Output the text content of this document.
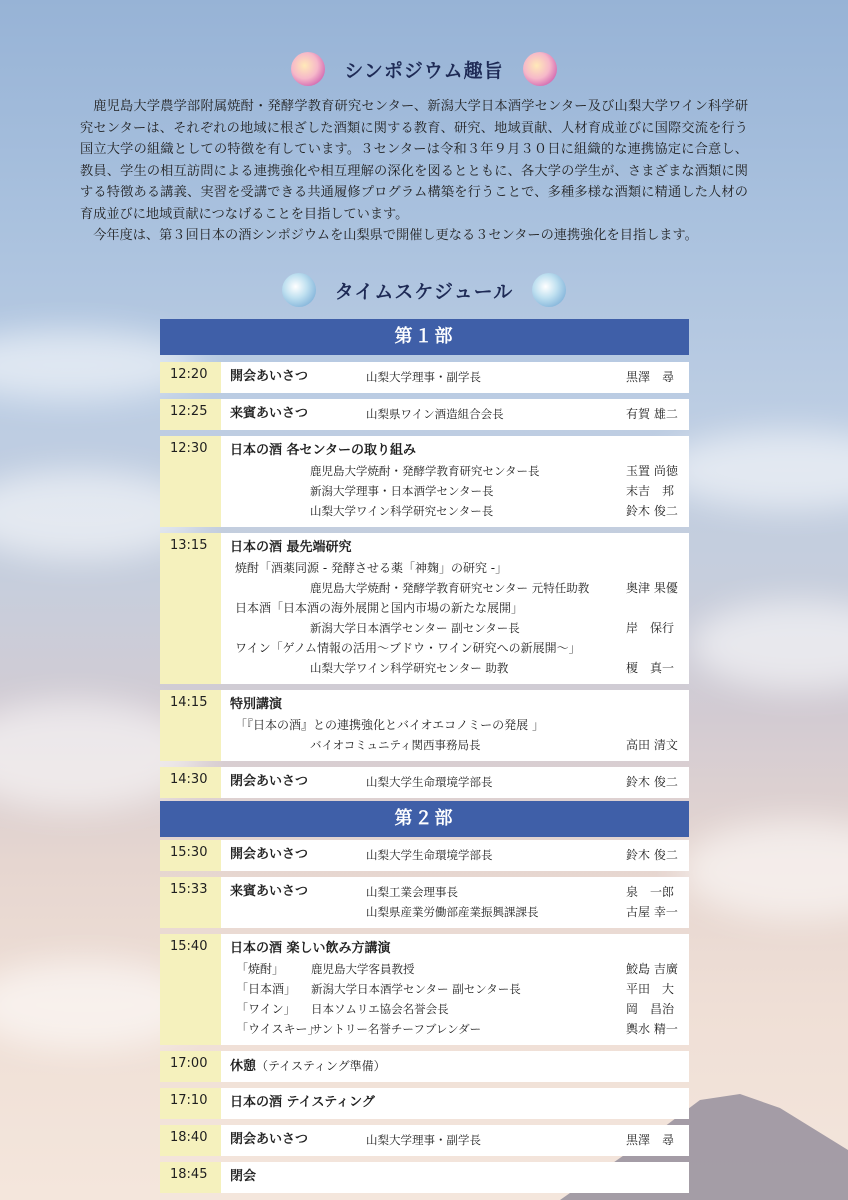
シンポジウム趣旨

鹿児島大学農学部附属焼酎・発酵学教育研究センター、新潟大学日本酒学センター及び山梨大学ワイン科学研究センターは、それぞれの地域に根ざした酒類に関する教育、研究、地域貢献、人材育成並びに国際交流を行う国立大学の組織としての特徴を有しています。３センターは令和３年９月３０日に組織的な連携協定に合意し、教員、学生の相互訪問による連携強化や相互理解の深化を図るとともに、各大学の学生が、さまざまな酒類に関する特徴ある講義、実習を受講できる共通履修プログラム構築を行うことで、多種多様な酒類に精通した人材の育成並びに地域貢献につなげることを目指しています。

今年度は、第３回日本の酒シンポジウムを山梨県で開催し更なる３センターの連携強化を目指します。

タイムスケジュール
第１部
12:20	開会あいさつ	山梨大学理事・副学長	黒澤　尋
12:25	来賓あいさつ	山梨県ワイン酒造組合会長	有賀 雄二
12:30	日本の酒 各センターの取り組み
鹿児島大学焼酎・発酵学教育研究センター長	玉置 尚徳
新潟大学理事・日本酒学センター長	末吉　邦
山梨大学ワイン科学研究センター長	鈴木 俊二
13:15	日本の酒 最先端研究
焼酎「酒薬同源 - 発酵させる薬「神麹」の研究 -」
鹿児島大学焼酎・発酵学教育研究センター 元特任助教	奥津 果優
日本酒「日本酒の海外展開と国内市場の新たな展開」
新潟大学日本酒学センター 副センター長	岸　保行
ワイン「ゲノム情報の活用～ブドウ・ワイン研究への新展開～」
山梨大学ワイン科学研究センター 助教	榎　真一
14:15	特別講演
「『日本の酒』との連携強化とバイオエコノミーの発展 」
バイオコミュニティ関西事務局長	高田 清文
14:30	閉会あいさつ	山梨大学生命環境学部長	鈴木 俊二
第２部
15:30	開会あいさつ	山梨大学生命環境学部長	鈴木 俊二
15:33	来賓あいさつ	山梨工業会理事長	泉　一郎
山梨県産業労働部産業振興課課長	古屋 幸一
15:40	日本の酒 楽しい飲み方講演
「焼酎」 鹿児島大学客員教授	鮫島 吉廣
「日本酒」 新潟大学日本酒学センター 副センター長	平田　大
「ワイン」 日本ソムリエ協会名誉会長	岡　昌治
「ウイスキー」サントリー名誉チーフブレンダー	輿水 精一
17:00	休憩（テイスティング準備）
17:10	日本の酒 テイスティング
18:40	閉会あいさつ	山梨大学理事・副学長	黒澤　尋
18:45	閉会
